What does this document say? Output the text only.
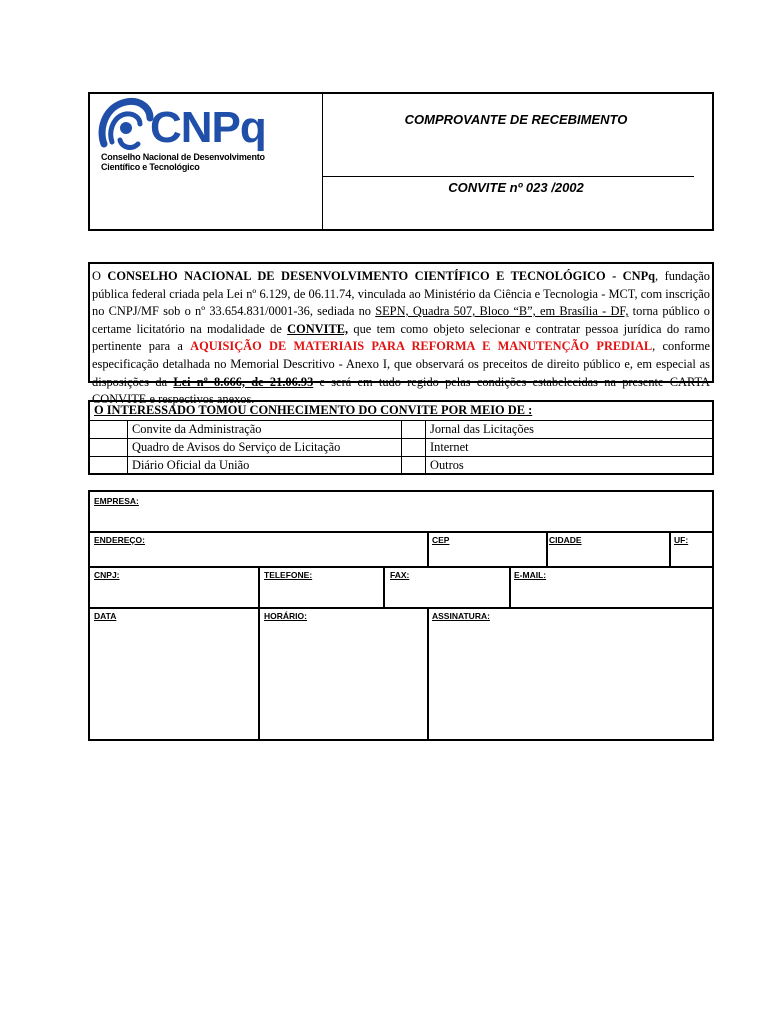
CNPq
Conselho Nacional de Desenvolvimento
Científico e Tecnológico
COMPROVANTE DE RECEBIMENTO
CONVITE nº 023 /2002
O CONSELHO NACIONAL DE DESENVOLVIMENTO CIENTÍFICO E TECNOLÓGICO - CNPq, fundação pública federal criada pela Lei nº 6.129, de 06.11.74, vinculada ao Ministério da Ciência e Tecnologia - MCT, com inscrição no CNPJ/MF sob o nº 33.654.831/0001-36, sediada no SEPN, Quadra 507, Bloco “B”, em Brasília - DF, torna público o certame licitatório na modalidade de CONVITE, que tem como objeto selecionar e contratar pessoa jurídica do ramo pertinente para a AQUISIÇÃO DE MATERIAIS PARA REFORMA E MANUTENÇÃO PREDIAL, conforme especificação detalhada no Memorial Descritivo - Anexo I, que observará os preceitos de direito público e, em especial as disposições da Lei nº 8.666, de 21.06.93 e será em tudo regido pelas condições estabelecidas na presente CARTA CONVITE e respectivos anexos.
O INTERESSADO TOMOU CONHECIMENTO DO CONVITE POR MEIO DE :
Convite da Administração	Jornal das Licitações
Quadro de Avisos do Serviço de Licitação	Internet
Diário Oficial da União	Outros
EMPRESA:
ENDEREÇO:	CEP	CIDADE	UF:
CNPJ:	TELEFONE:	FAX:	E-MAIL:
DATA	HORÁRIO:	ASSINATURA:
